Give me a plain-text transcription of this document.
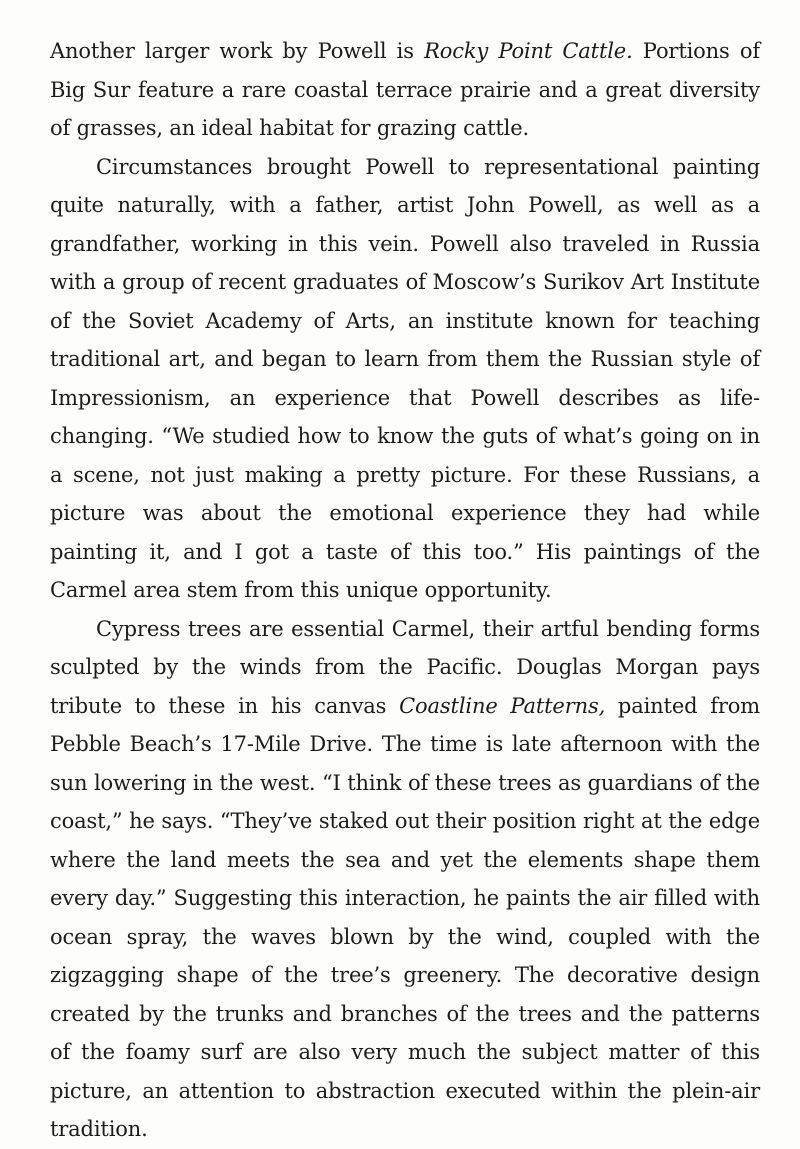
Another larger work by Powell is Rocky Point Cattle. Portions of Big Sur feature a rare coastal terrace prairie and a great diversity of grasses, an ideal habitat for grazing cattle.

Circumstances brought Powell to representational painting quite naturally, with a father, artist John Powell, as well as a grandfather, working in this vein. Powell also traveled in Russia with a group of recent graduates of Moscow’s Surikov Art Institute of the Soviet Academy of Arts, an institute known for teaching traditional art, and began to learn from them the Russian style of Impressionism, an experience that Powell describes as life-changing. “We studied how to know the guts of what’s going on in a scene, not just making a pretty picture. For these Russians, a picture was about the emotional experience they had while painting it, and I got a taste of this too.” His paintings of the Carmel area stem from this unique opportunity.

Cypress trees are essential Carmel, their artful bending forms sculpted by the winds from the Pacific. Douglas Morgan pays tribute to these in his canvas Coastline Patterns, painted from Pebble Beach’s 17-Mile Drive. The time is late afternoon with the sun lowering in the west. “I think of these trees as guardians of the coast,” he says. “They’ve staked out their position right at the edge where the land meets the sea and yet the elements shape them every day.” Suggesting this interaction, he paints the air filled with ocean spray, the waves blown by the wind, coupled with the zigzagging shape of the tree’s greenery. The decorative design created by the trunks and branches of the trees and the patterns of the foamy surf are also very much the subject matter of this picture, an attention to abstraction executed within the plein-air tradition.
